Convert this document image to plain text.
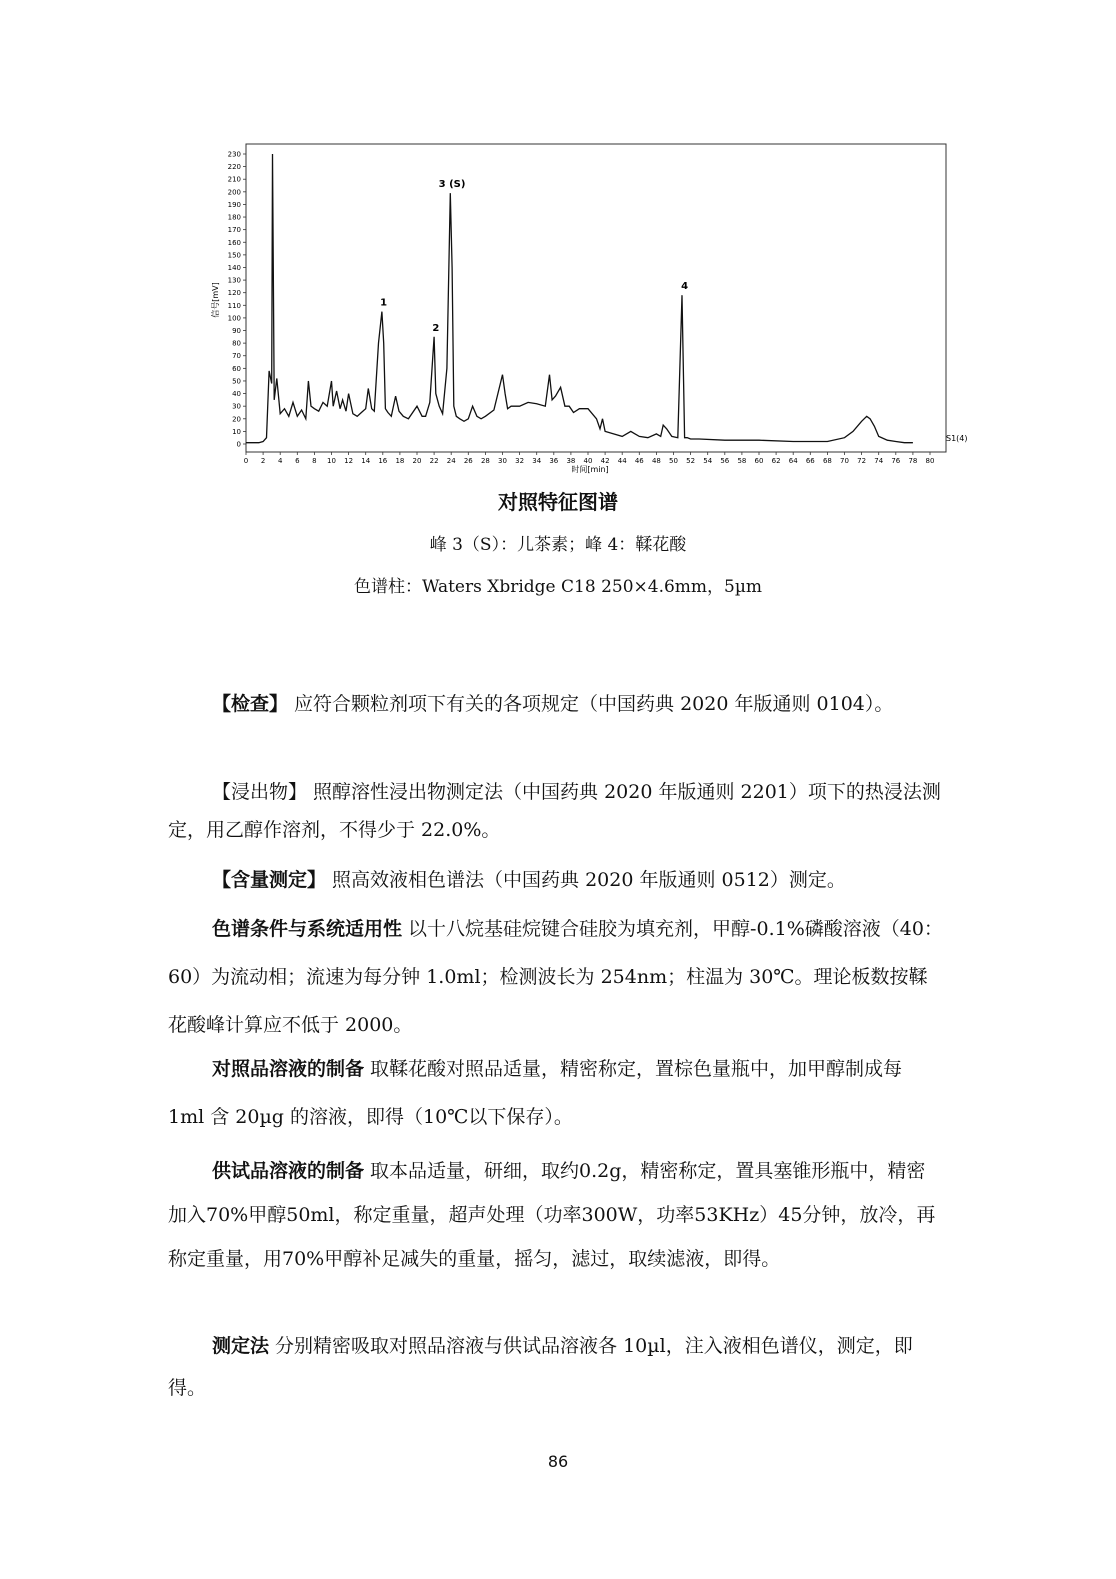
0
10
20
30
40
50
60
70
80
90
100
110
120
130
140
150
160
170
180
190
200
210
220
230
0 2 4 6 8 10 12 14 16 18 20 22 24 26 28 30 32 34 36 38 40 42 44 46 48 50 52 54 56 58 60 62 64 66 68 70 72 74 76 78 80
1
2
3 (S)
4
信号[mV]
时间[min]
S1(4)
对照特征图谱
峰 3（S）：儿茶素；峰 4：鞣花酸
色谱柱：Waters Xbridge C18 250×4.6mm，5µm

【检查】 应符合颗粒剂项下有关的各项规定（中国药典 2020 年版通则 0104）。

【浸出物】 照醇溶性浸出物测定法（中国药典 2020 年版通则 2201）项下的热浸法测定，用乙醇作溶剂，不得少于 22.0%。

【含量测定】 照高效液相色谱法（中国药典 2020 年版通则 0512）测定。

色谱条件与系统适用性 以十八烷基硅烷键合硅胶为填充剂，甲醇-0.1%磷酸溶液（40：60）为流动相；流速为每分钟 1.0ml；检测波长为 254nm；柱温为 30℃。理论板数按鞣花酸峰计算应不低于 2000。

对照品溶液的制备 取鞣花酸对照品适量，精密称定，置棕色量瓶中，加甲醇制成每 1ml 含 20µg 的溶液，即得（10℃以下保存）。

供试品溶液的制备 取本品适量，研细，取约0.2g，精密称定，置具塞锥形瓶中，精密加入70%甲醇50ml，称定重量，超声处理（功率300W，功率53KHz）45分钟，放冷，再称定重量，用70%甲醇补足减失的重量，摇匀，滤过，取续滤液，即得。

测定法 分别精密吸取对照品溶液与供试品溶液各 10µl，注入液相色谱仪，测定，即得。

86
